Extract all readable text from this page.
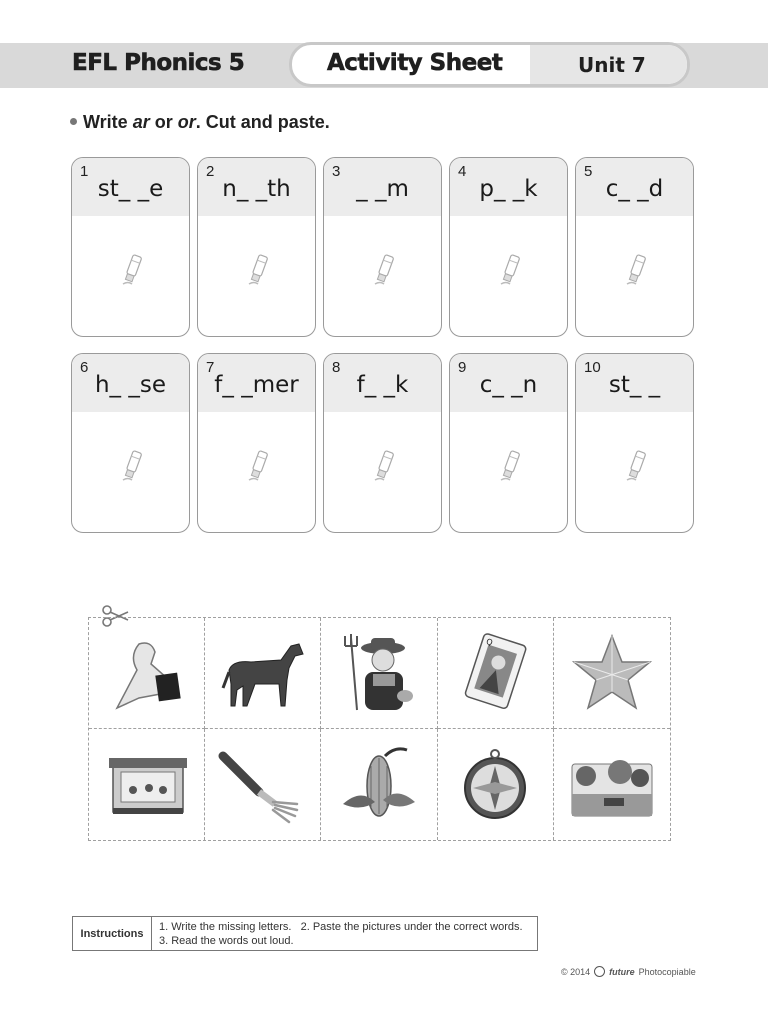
EFL Phonics 5	Activity Sheet	Unit 7
Write ar or or. Cut and paste.
1
st_ _e
2
n_ _th
3
_ _m
4
p_ _k
5
c_ _d
6
h_ _se
7
f_ _mer
8
f_ _k
9
c_ _n
10
st_ _
Q
Instructions
1. Write the missing letters.   2. Paste the pictures under the correct words.
3. Read the words out loud.
© 2014 future Photocopiable
